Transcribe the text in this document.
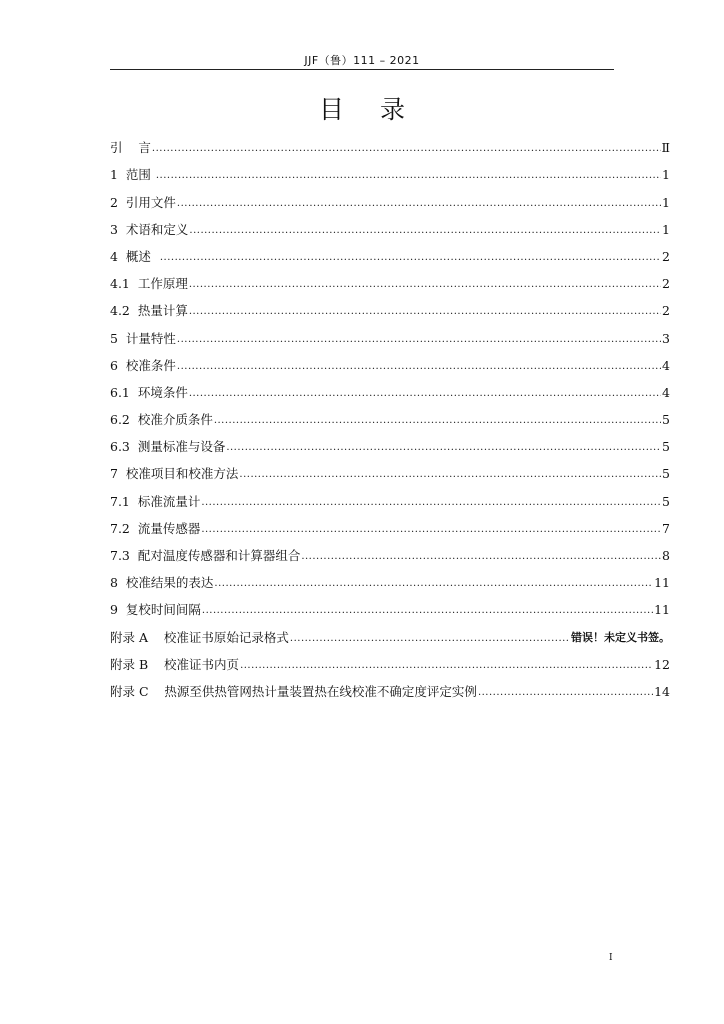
JJF（鲁）111 – 2021
目 录
引    言 .....	Ⅱ
1  范围 .....	1
2  引用文件 .....	1
3  术语和定义 .....	1
4  概述 .....	2
4.1  工作原理 .....	2
4.2  热量计算 .....	2
5  计量特性 .....	3
6  校准条件 .....	4
6.1  环境条件 .....	4
6.2  校准介质条件 .....	5
6.3  测量标准与设备 .....	5
7  校准项目和校准方法 .....	5
7.1  标准流量计 .....	5
7.2  流量传感器 .....	7
7.3  配对温度传感器和计算器组合 .....	8
8  校准结果的表达 .....	11
9  复校时间间隔 .....	11
附录 A    校准证书原始记录格式 .....	错误！未定义书签。
附录 B    校准证书内页 .....	12
附录 C    热源至供热管网热计量装置热在线校准不确定度评定实例 .....	14
I
